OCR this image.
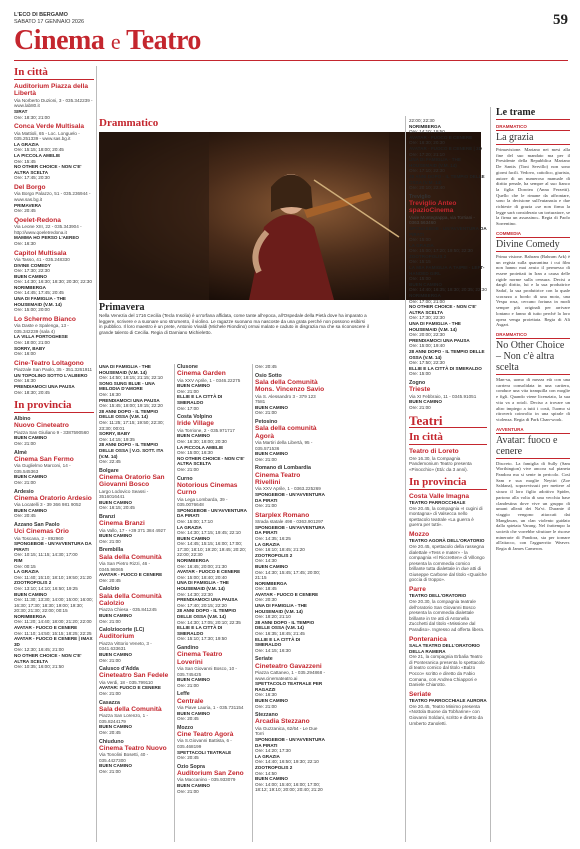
L'ECO DI BERGAMO
SABATO 17 GENNAIO 2026	59
Cinema e Teatro
In città
Auditorium Piazza della Libertà
Via Norberto Duzioni, 3 - 035.342239 - www.lab80.it
SIRAT
Ore: 18:30; 21:00
Conca Verde Multisala
Via Mattioli, 65 - Loc. Longuelo - 035.251339 - www.sas.bg.it
LA GRAZIA
Ore: 15:15; 18:00; 20:45
LA PICCOLA AMELIE
Ore: 15:45
NO OTHER CHOICE - NON C'E' ALTRA SCELTA
Ore: 17:45; 20:30
Del Borgo
Via Borgo Palazzo, 51 - 035.236944 - www.sas.bg.it
PRIMAVERA
Ore: 20:45
Qoelet-Redona
Via Leone XIII, 22 - 035.343904 - http://www.qoeletredona.it
MAMMA HO PERSO L'AEREO
Ore: 16:30
Capitol Multisala
Via Tasso, 41 - 035.248330
DIVINE COMEDY
Ore: 17:30; 22:30
BUEN CAMINO
Ore: 14:30; 16:30; 18:30; 20:30; 22:30
NORIMBERGA
Ore: 14:45; 17:45; 20:45
UNA DI FAMIGLIA - THE HOUSEMAID (V.M. 14)
Ore: 15:00; 20:00
Lo Schermo Bianco
Via Daste e Spalenga, 13 - 035.342239 (sala 4)
LA VILLA PORTOGHESE
Ore: 18:00; 21:00
SORRY, BABY
Ore: 16:00
Cine-Teatro Loltagono
Piazzale San Paolo, 35 - 351.3261911
UN TOPOLINO SOTTO L'ALBERO
Ore: 16:30
PRENDIAMOCI UNA PAUSA
Ore: 18:30; 20:45
In provincia
Albino
Nuovo Cineteatro
Piazza San Giuliano 9 - 3387590560
BUEN CAMINO
Ore: 21:00
Almè
Cinema San Fermo
Via Guglielmo Marconi, 14 - 035.545363
BUEN CAMINO
Ore: 21:00
Ardesio
Cinema Oratorio Ardesio
Via Locatelli 3 - 39 366 981 9052
BUEN CAMINO
Ore: 20:45
Azzano San Paolo
Uci Cinemas Orio
Via Toscana, 2 - 892960
SPONGEBOB - UN'AVVENTURA DA PIRATI
Ore: 10:15; 11:15; 14:30; 17:00
RIM
Ore: 00:15
LA GRAZIA
Ore: 11:40; 15:10; 18:10; 19:50; 21:20
ZOOTROPOLIS 2
Ore: 13:10; 14:10; 16:50; 19:25
BUEN CAMINO
Ore: 11:30; 13:30; 14:00; 15:00; 16:00; 16:30; 17:30; 18:30; 19:00; 19:30; 20:30; 21:30; 22:00; 00:15
NORIMBERGA
Ore: 11:20; 14:40; 18:00; 21:20; 22:00
AVATAR - FUOCO E CENERE
Ore: 11:10; 14:50; 15:15; 18:25; 22:25
AVATAR - FUOCO E CENERE | IMAX 3D
Ore: 12:30; 16:45; 21:00
NO OTHER CHOICE - NON C'E' ALTRA SCELTA
Ore: 10:35; 16:00; 21:50
Drammatico
Primavera
Nella Venezia del 1716 Cecilia (Tecla Insolia) è un'orfana affidata, come tante all'epoca, all'Ospedale della Pietà dove ha imparato a leggere, scrivere e a suonare uno strumento, il violino. Le ragazze suonano ma nascoste da una grata perché non possono esibirsi in pubblico. Il loro maestro è un prete, Antonio Vivaldi (Michele Riondino) ormai malato e caduto in disgrazia ma che sa riconoscere il grande talento di Cecilia. Regia di Damiano Michieletto.
UNA DI FAMIGLIA - THE HOUSEMAID (V.M. 14)
Ore: 14:50; 18:15; 21:15; 22:10
SONG SUNG BLUE - UNA MELODIA D'AMORE
Ore: 16:30
PRENDIAMOCI UNA PAUSA
Ore: 15:45; 18:00; 19:15; 22:20
28 ANNI DOPO - IL TEMPIO DELLE OSSA (V.M. 14)
Ore: 11:25; 17:15; 19:50; 22:30; 23:30; 00:01
SORRY, BABY
Ore: 14:15; 19:35
28 ANNI DOPO - IL TEMPIO DELLE OSSA | V.O. SOTT. ITA (V.M. 14)
Ore: 22:45
Bolgare
Cinema Oratorio San Giovanni Bosco
Largo Lodovico Seassi - 3516016441
BUEN CAMINO
Ore: 16:15; 20:45
Branzi
Cinema Branzi
Via Vallo, 17 - +39 371 384 4927
BUEN CAMINO
Ore: 21:00
Brembilla
Sala della Comunità
Via San Pietro Rizzi, 46 - 0345.98065
AVATAR - FUOCO E CENERE
Ore: 20:45
Calolzio
Sala della Comunità Calolzio
Piazza Chiesa - 035.841245
BUEN CAMINO
Ore: 21:00
Calolziocorte (LC)
Auditorium
Piazza Vittorio Veneto, 3 - 0341.633631
BUEN CAMINO
Ore: 21:00
Calusco d'Adda
Cineteatro San Fedele
Via Verdi, 18 - 035.799110
AVATAR: FUOCO E CENERE
Ore: 21:00
Casazza
Sala della Comunità
Piazza San Lorenzo, 1 - 035.8244179
BUEN CAMINO
Ore: 20:45
Chiuduno
Cinema Teatro Nuovo
Via Tonolini Bosetti, 40 - 035.4427300
BUEN CAMINO
Ore: 21:00
Clusone
Cinema Garden
Via XXV Aprile, 1 - 0346.22275
BUEN CAMINO
Ore: 21:00
ELLIE E LA CITTÀ DI SMERALDO
Ore: 17:00
Costa Volpino
Iride Village
Via Torrione, 2 - 035.971717
BUEN CAMINO
Ore: 16:30; 18:00; 20:30
LA PICCOLA AMELIE
Ore: 15:00; 16:30
NO OTHER CHOICE - NON C'E' ALTRA SCELTA
Ore: 21:00
Curno
Notorious Cinemas Curno
Via Lega Lombarda, 39 - 035.0076648
SPONGEBOB - UN'AVVENTURA DA PIRATI
Ore: 15:00; 17:10
LA GRAZIA
Ore: 14:30; 17:15; 19:45; 22:10
BUEN CAMINO
Ore: 14:45; 15:15; 16:00; 17:00; 17:30; 18:10; 19:20; 19:45; 20:20; 22:00; 22:30
NORIMBERGA
Ore: 16:45; 20:00; 21:30
AVATAR - FUOCO E CENERE
Ore: 15:00; 18:40; 20:40
UNA DI FAMIGLIA - THE HOUSEMAID (V.M. 14)
Ore: 14:30; 22:30
PRENDIAMOCI UNA PAUSA
Ore: 17:40; 20:15; 22:20
28 ANNI DOPO - IL TEMPIO DELLE OSSA (V.M. 14)
Ore: 14:30; 17:05; 20:10; 22:35
ELLIE E LA CITTÀ DI SMERALDO
Ore: 15:10; 17:30; 19:50
Gandino
Cinema Teatro Loverini
Via San Giovanni Bosco, 10 - 035.745425
BUEN CAMINO
Ore: 21:00
Leffe
Centrale
Via Piave Lauria, 1 - 035.731154
BUEN CAMINO
Ore: 20:45
Mozzo
Cine Teatro Agorà
Via S.Giovanni Battista, 6 - 035.468199
SPETTACOLI TEATRALE
Ore: 20:45
Ozio Sopra
Auditorium San Zeno
Via Maccanino - 035.933079
BUEN CAMINO
Ore: 21:00
Ore: 20:45
Osio Sotto
Sala della Comunità Mons. Vincenzo Savio
Via S. Alessandro 3 - 379 123 7581
BUEN CAMINO
Ore: 21:00
Petosino
Sala della comunità Agorà
Via Martiri della Libertà, 95 - 035.571536
BUEN CAMINO
Ore: 21:00
Romano di Lombardia
Cinema Teatro Rivellini
Via XXV Aprile, 1 - 0363.225269
SPONGEBOB - UN'AVVENTURA DA PIRATI
Ore: 21:00
Starplex Romano
Strada statale 498 - 0363.901297
SPONGEBOB - UN'AVVENTURA DA PIRATI
Ore: 14:35; 16:25
LA GRAZIA
Ore: 16:10; 18:45; 21:20
ZOOTROPOLIS 2
Ore: 14:30
BUEN CAMINO
Ore: 14:30; 15:45; 17:45; 20:00; 21:15
NORIMBERGA
Ore: 18:45
AVATAR - FUOCO E CENERE
Ore: 20:30
UNA DI FAMIGLIA - THE HOUSEMAID (V.M. 14)
Ore: 18:20; 21:10
28 ANNI DOPO - IL TEMPIO DELLE OSSA (V.M. 14)
Ore: 16:35; 18:45; 21:45
ELLIE E LA CITTÀ DI SMERALDO
Ore: 14:15; 16:30
Seriate
Cineteatro Gavazzeni
Piazza Cattaneo, 1 - 035.294868 - www.cinemateatro.ai
SPETTACOLO TEATRALE PER RAGAZZI
Ore: 16:30
BUEN CAMINO
Ore: 21:00
Stezzano
Arcadia Stezzano
Via Guzzanica, 62/64 - Le Due Torri
SPONGEBOB - UN'AVVENTURA DA PIRATI
Ore: 14:20; 17:30
LA GRAZIA
Ore: 14:40; 16:50; 19:30; 22:10
ZOOTROPOLIS 2
Ore: 14:50
BUEN CAMINO
Ore: 14:00; 15:40; 16:00; 17:00; 18:12; 19:10; 20:00; 20:40; 21:20
22:00; 22:30
NORIMBERGA
Ore: 14:10; 19:50
AVATAR - FUOCO E CENERE
Ore: 16:30; 20:30
AVATAR - FUOCO E CENERE | 3D
Ore: 17:20; 21:10
UNA DI FAMIGLIA - THE HOUSEMAID (V.M. 14)
Ore: 17:10; 22:30
28 ANNI DOPO - IL TEMPIO DELLE OSSA (V.M. 14)
Ore: 20:10; 22:40
Treviglio
Treviglio Anteo spazioCinema
Viale Montegrappa, via Torriani - 0363.563460
SPONGEBOB - UN'AVVENTURA DA PIRATI
Ore: 15:00
LA GRAZIA
Ore: 15:00; 17:20; 19:50; 22:30
ZOOTROPOLIS 2
Ore: 15:15
LA MIA FAMIGLIA A TAIPEI - LEFT-HANDED GIRL
Ore: 15:00
BUEN CAMINO
Ore: 14:40; 16:35; 18:30; 20:35; 22:30
NORIMBERGA
Ore: 17:00; 21:00
NO OTHER CHOICE - NON C'E' ALTRA SCELTA
Ore: 17:30; 22:30
UNA DI FAMIGLIA - THE HOUSEMAID (V.M. 14)
Ore: 20:00; 22:30
PRENDIAMOCI UNA PAUSA
Ore: 15:00; 19:40
28 ANNI DOPO - IL TEMPIO DELLE OSSA (V.M. 14)
Ore: 17:50; 22:30
ELLIE E LA CITTÀ DI SMERALDO
Ore: 15:00
Zogno
Trieste
Via XI Febbraio, 11 - 0345.91051
BUEN CAMINO
Ore: 21:00
Teatri
In città
Teatro di Loreto
Ore 16.30, la Compagnia Pandemonium Teatro presenta «Pinocchio» (Età: da 3 anni).
In provincia
Costa Valle Imagna
TEATRO PARROCCHIALE
Ore 20.45, la compagnia «I cugini di montagna» di Valsecca nello spettacolo teatrale «La guerra è guerra per tutti».
Mozzo
TEATRO AGORÀ DELL'ORATORIO
Ore 20.45, spettacolo della rassegna dialettale «Tess e mater» - la compagnia «Il Riccretten» di Villongo presenta la commedia comico brillante tutta dialettale in due atti di Giuseppe Carbone dal titolo «Qualche goccia di troppo».
Parre
TEATRO DELL'ORATORIO
Ore 20.30, la compagnia teatrale dell'oratorio San Giovanni Bosco presenta la commedia dialettale brillante in tre atti di Antonella Zucchetti dal titolo «Missione dal Paradiso». Ingresso ad offerta libera.
Ponteranica
SALA TEATRO DELL'ORATORIO DELLA RAMERA
Ore 21, la compagnia Erbalia Teatro di Ponteranica presenta lo spettacolo di teatro comico dal titolo «Balzo Pocco» scritto e diretto da Fabio Comana, con Andrea Chiappori e Daniele Chiarotto.
Seriate
TEATRO PARROCCHIALE AURORA
Ore 20.45, Teatro Minimo presenta «Nottola Buone da Tobharine» con Giovanni Soldani, scritto e diretto da Umberto Zanoletti.
Le trame
DRAMMATICO
La grazia
Primavisione. Mariano nei mesi alla fine del suo mandato ma per il Presidente della Repubblica Mariano De Santis (Toni Servillo) non sono giorni facili. Vedovo, cattolico, giurista, autore di un numeroso manuale di diritto penale, ha sempre al suo fianco la figlia Dorotea (Anna Ferzetti). Quello che le rimane da affrontare, sono la decisione sull'eutanasia e due richieste di grazia «se non firma la legge sarà considerato un torturatore, se la firma un assassino». Regia di Paolo Sorrentino.
COMMEDIA
Divine Comedy
Prima visione. Bahram (Bahram Ark) è un regista sulla quarantina i cui film non hanno mai avuto il permesso di essere proiettati in Iran a causa delle rigide norme sulla censura. Decisi a dargli diritto, lui e la sua produttrice Sadaf, la sua produttrice con la quale scorazza a bordo di una moto, una Vespa rosa, cercano fortuna in modi sempre più originali per arrivare lontano e fanno di tutto perché la loro opera venga proiettata. Regia di Ali Asgari.
DRAMMATICO
No Other Choice – Non c'è altra scelta
Man-su, uomo di mezza età con una carriera consolidata in una cartiera, conduce una vita tranquilla con moglie e figli. Quando viene licenziato, la sua vita va a rotoli. Deciso a trovare un altro impiego a tutti i costi, l'uomo si ritroverà coinvolto in una spirale di violenza. Regia di Park Chan-wook.
AVVENTURA
Avatar: fuoco e cenere
Discreto. La famiglia di Sully (Sam Worthington) vive ancora sul pianeta Pandora ma si sente in pericolo. Così Sam e sua moglie Neytiri (Zoe Saldana), sopravvissuti per mettere al sicuro il loro figlio adottivo Spider, partono alla volta di una vecchia base clandestina dove vive un gruppo di umani alleati dei Na'vi. Durante il viaggio vengono attaccati dai Mangkwan, un clan violento guidato dalla spietata Varang. Nel frattempo la società che vorrebbe sfruttare le risorse minerarie di Pandora, sta per tornare all'attacco, con l'agguerrito Weaver. Regia di James Cameron.
